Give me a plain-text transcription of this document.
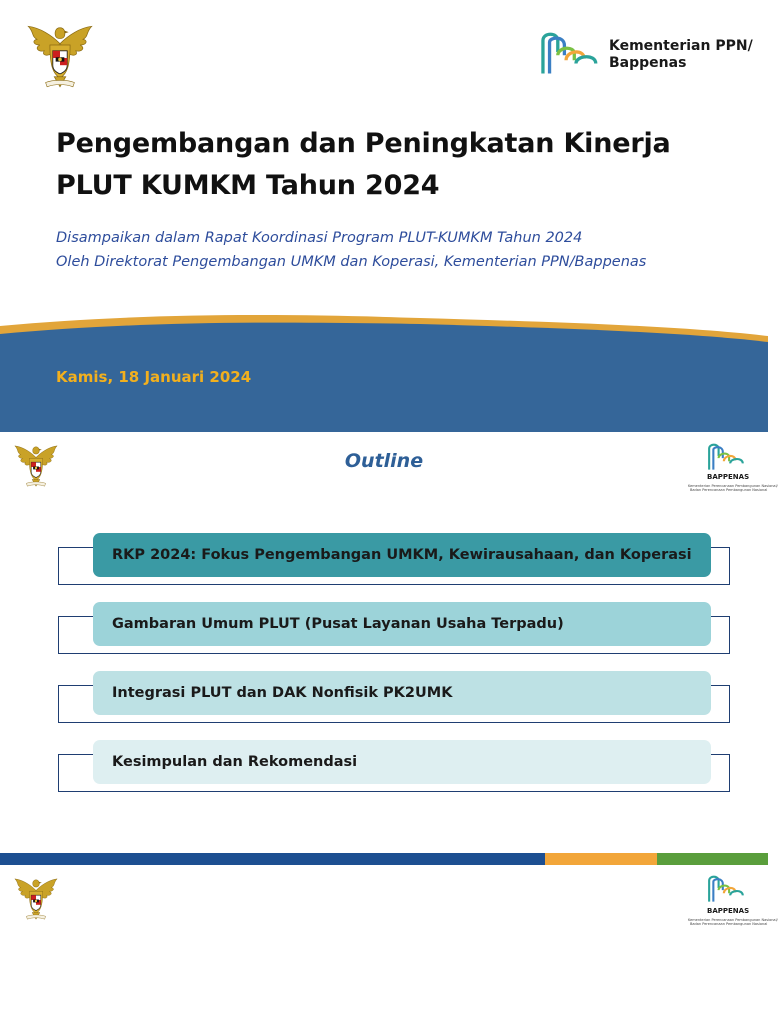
Kementerian PPN/
Bappenas
Pengembangan dan Peningkatan Kinerja
PLUT KUMKM Tahun 2024
Disampaikan dalam Rapat Koordinasi Program PLUT-KUMKM Tahun 2024
Oleh Direktorat Pengembangan UMKM dan Koperasi, Kementerian PPN/Bappenas
Kamis, 18 Januari 2024
Outline
BAPPENAS
Kementerian Perencanaan Pembangunan Nasional/
Badan Perencanaan Pembangunan Nasional
RKP 2024: Fokus Pengembangan UMKM, Kewirausahaan, dan Koperasi
Gambaran Umum PLUT (Pusat Layanan Usaha Terpadu)
Integrasi PLUT dan DAK Nonfisik PK2UMK
Kesimpulan dan Rekomendasi
BAPPENAS
Kementerian Perencanaan Pembangunan Nasional/
Badan Perencanaan Pembangunan Nasional
